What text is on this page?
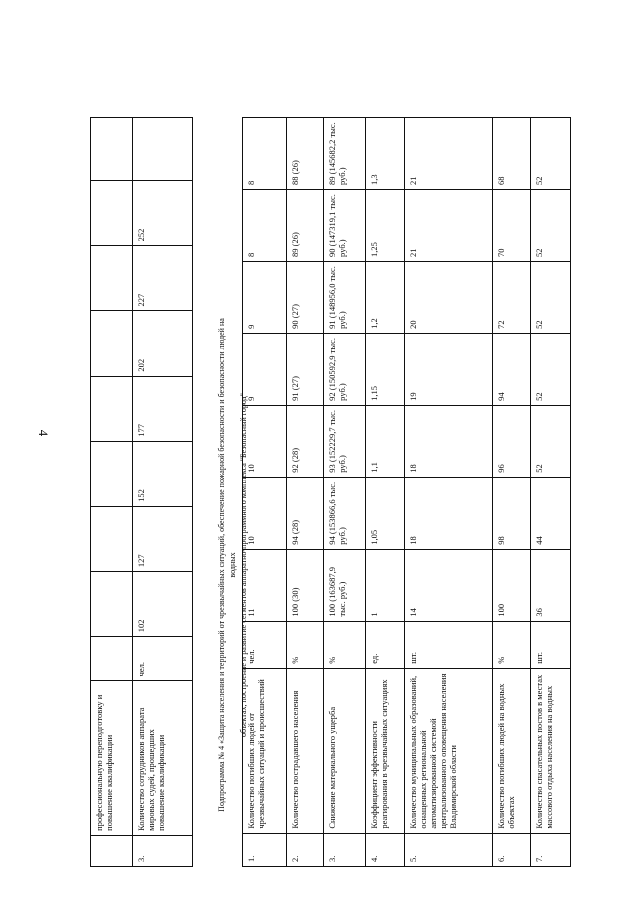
4
	профессиональную переподготовку и повышение квалификации									
3.	Количество сотрудников аппарата мировых судей, прошедших повышение квалификации	чел.	102	127	152	177	202	227	252	
Подпрограмма № 4 «Защита населения и территорий от чрезвычайных ситуаций, обеспечение пожарной безопасности и безопасности людей на водных объектах, построение и развитие сегментов аппаратно-программного комплекса "Безопасный город"
1.	Количество погибших людей от чрезвычайных ситуаций и происшествий	чел.	11	10	10	9	9	8	8
2.	Количество пострадавшего населения	%	100 (30)	94 (28)	92 (28)	91 (27)	90 (27)	89 (26)	88 (26)
3.	Снижение материального ущерба	%	100 (163687,9 тыс. руб.)	94 (153866,6 тыс. руб.)	93 (152229,7 тыс. руб.)	92 (150592,9 тыс. руб.)	91 (148956,0 тыс. руб.)	90 (147319,1 тыс. руб.)	89 (145682,2 тыс. руб.)
4.	Коэффициент эффективности реагирования в чрезвычайных ситуациях	ед.	1	1,05	1,1	1,15	1,2	1,25	1,3
5.	Количество муниципальных образований, оснащенных региональной автоматизированной системой централизованного оповещения населения Владимирской области	шт.	14	18	18	19	20	21	21
6.	Количество погибших людей на водных объектах	%	100	98	96	94	72	70	68
7.	Количество спасательных постов в местах массового отдыха населения на водных	шт.	36	44	52	52	52	52	52
